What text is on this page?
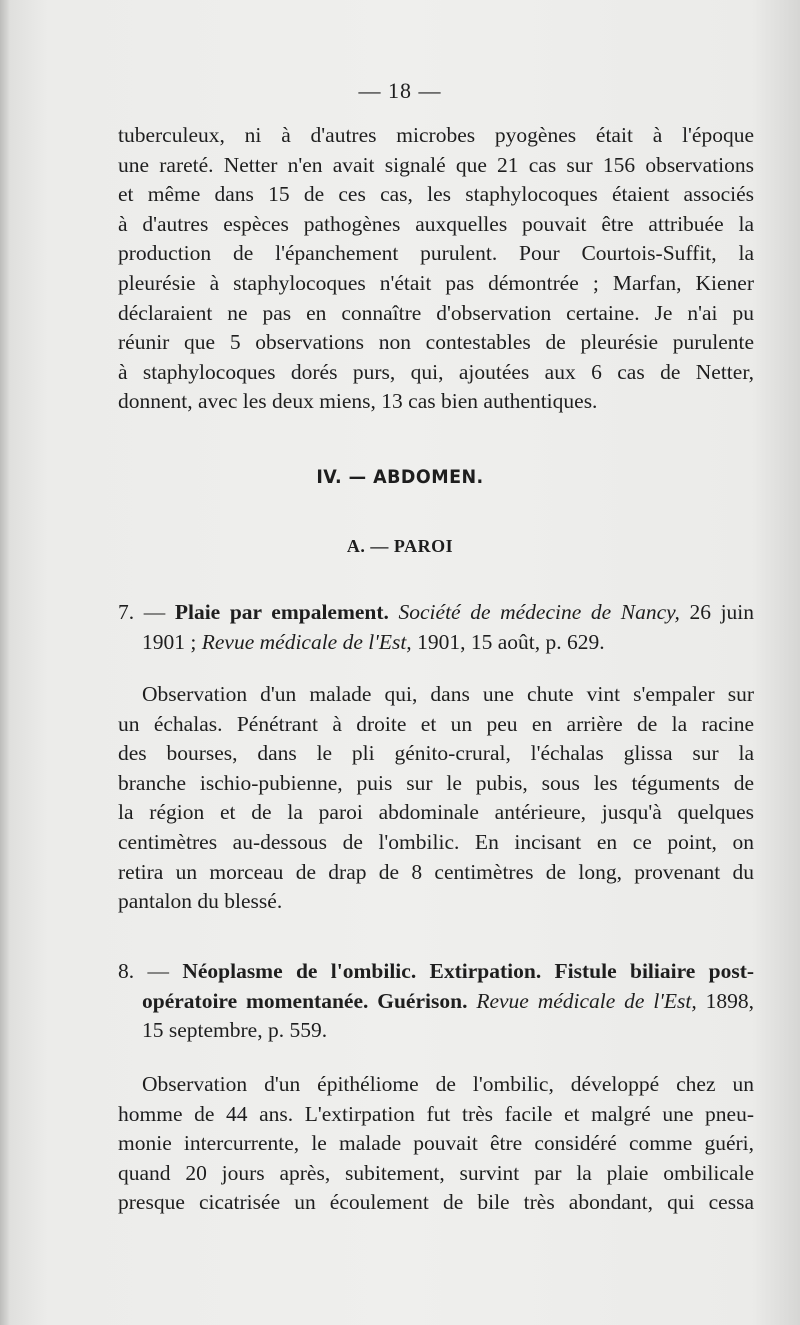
— 18 —
tuberculeux, ni à d'autres microbes pyogènes était à l'époque
une rareté. Netter n'en avait signalé que 21 cas sur 156 observations
et même dans 15 de ces cas, les staphylocoques étaient associés
à d'autres espèces pathogènes auxquelles pouvait être attribuée la
production de l'épanchement purulent. Pour Courtois-Suffit, la
pleurésie à staphylocoques n'était pas démontrée ; Marfan, Kiener
déclaraient ne pas en connaître d'observation certaine. Je n'ai pu
réunir que 5 observations non contestables de pleurésie purulente
à staphylocoques dorés purs, qui, ajoutées aux 6 cas de Netter,
donnent, avec les deux miens, 13 cas bien authentiques.
IV. — ABDOMEN.
A. — PAROI
7. — Plaie par empalement. Société de médecine de Nancy, 26 juin
1901 ; Revue médicale de l'Est, 1901, 15 août, p. 629.
Observation d'un malade qui, dans une chute vint s'empaler sur
un échalas. Pénétrant à droite et un peu en arrière de la racine
des bourses, dans le pli génito-crural, l'échalas glissa sur la
branche ischio-pubienne, puis sur le pubis, sous les téguments de
la région et de la paroi abdominale antérieure, jusqu'à quelques
centimètres au-dessous de l'ombilic. En incisant en ce point, on
retira un morceau de drap de 8 centimètres de long, provenant du
pantalon du blessé.
8. — Néoplasme de l'ombilic. Extirpation. Fistule biliaire post-
opératoire momentanée. Guérison. Revue médicale de l'Est, 1898,
15 septembre, p. 559.
Observation d'un épithéliome de l'ombilic, développé chez un
homme de 44 ans. L'extirpation fut très facile et malgré une pneu-
monie intercurrente, le malade pouvait être considéré comme guéri,
quand 20 jours après, subitement, survint par la plaie ombilicale
presque cicatrisée un écoulement de bile très abondant, qui cessa
